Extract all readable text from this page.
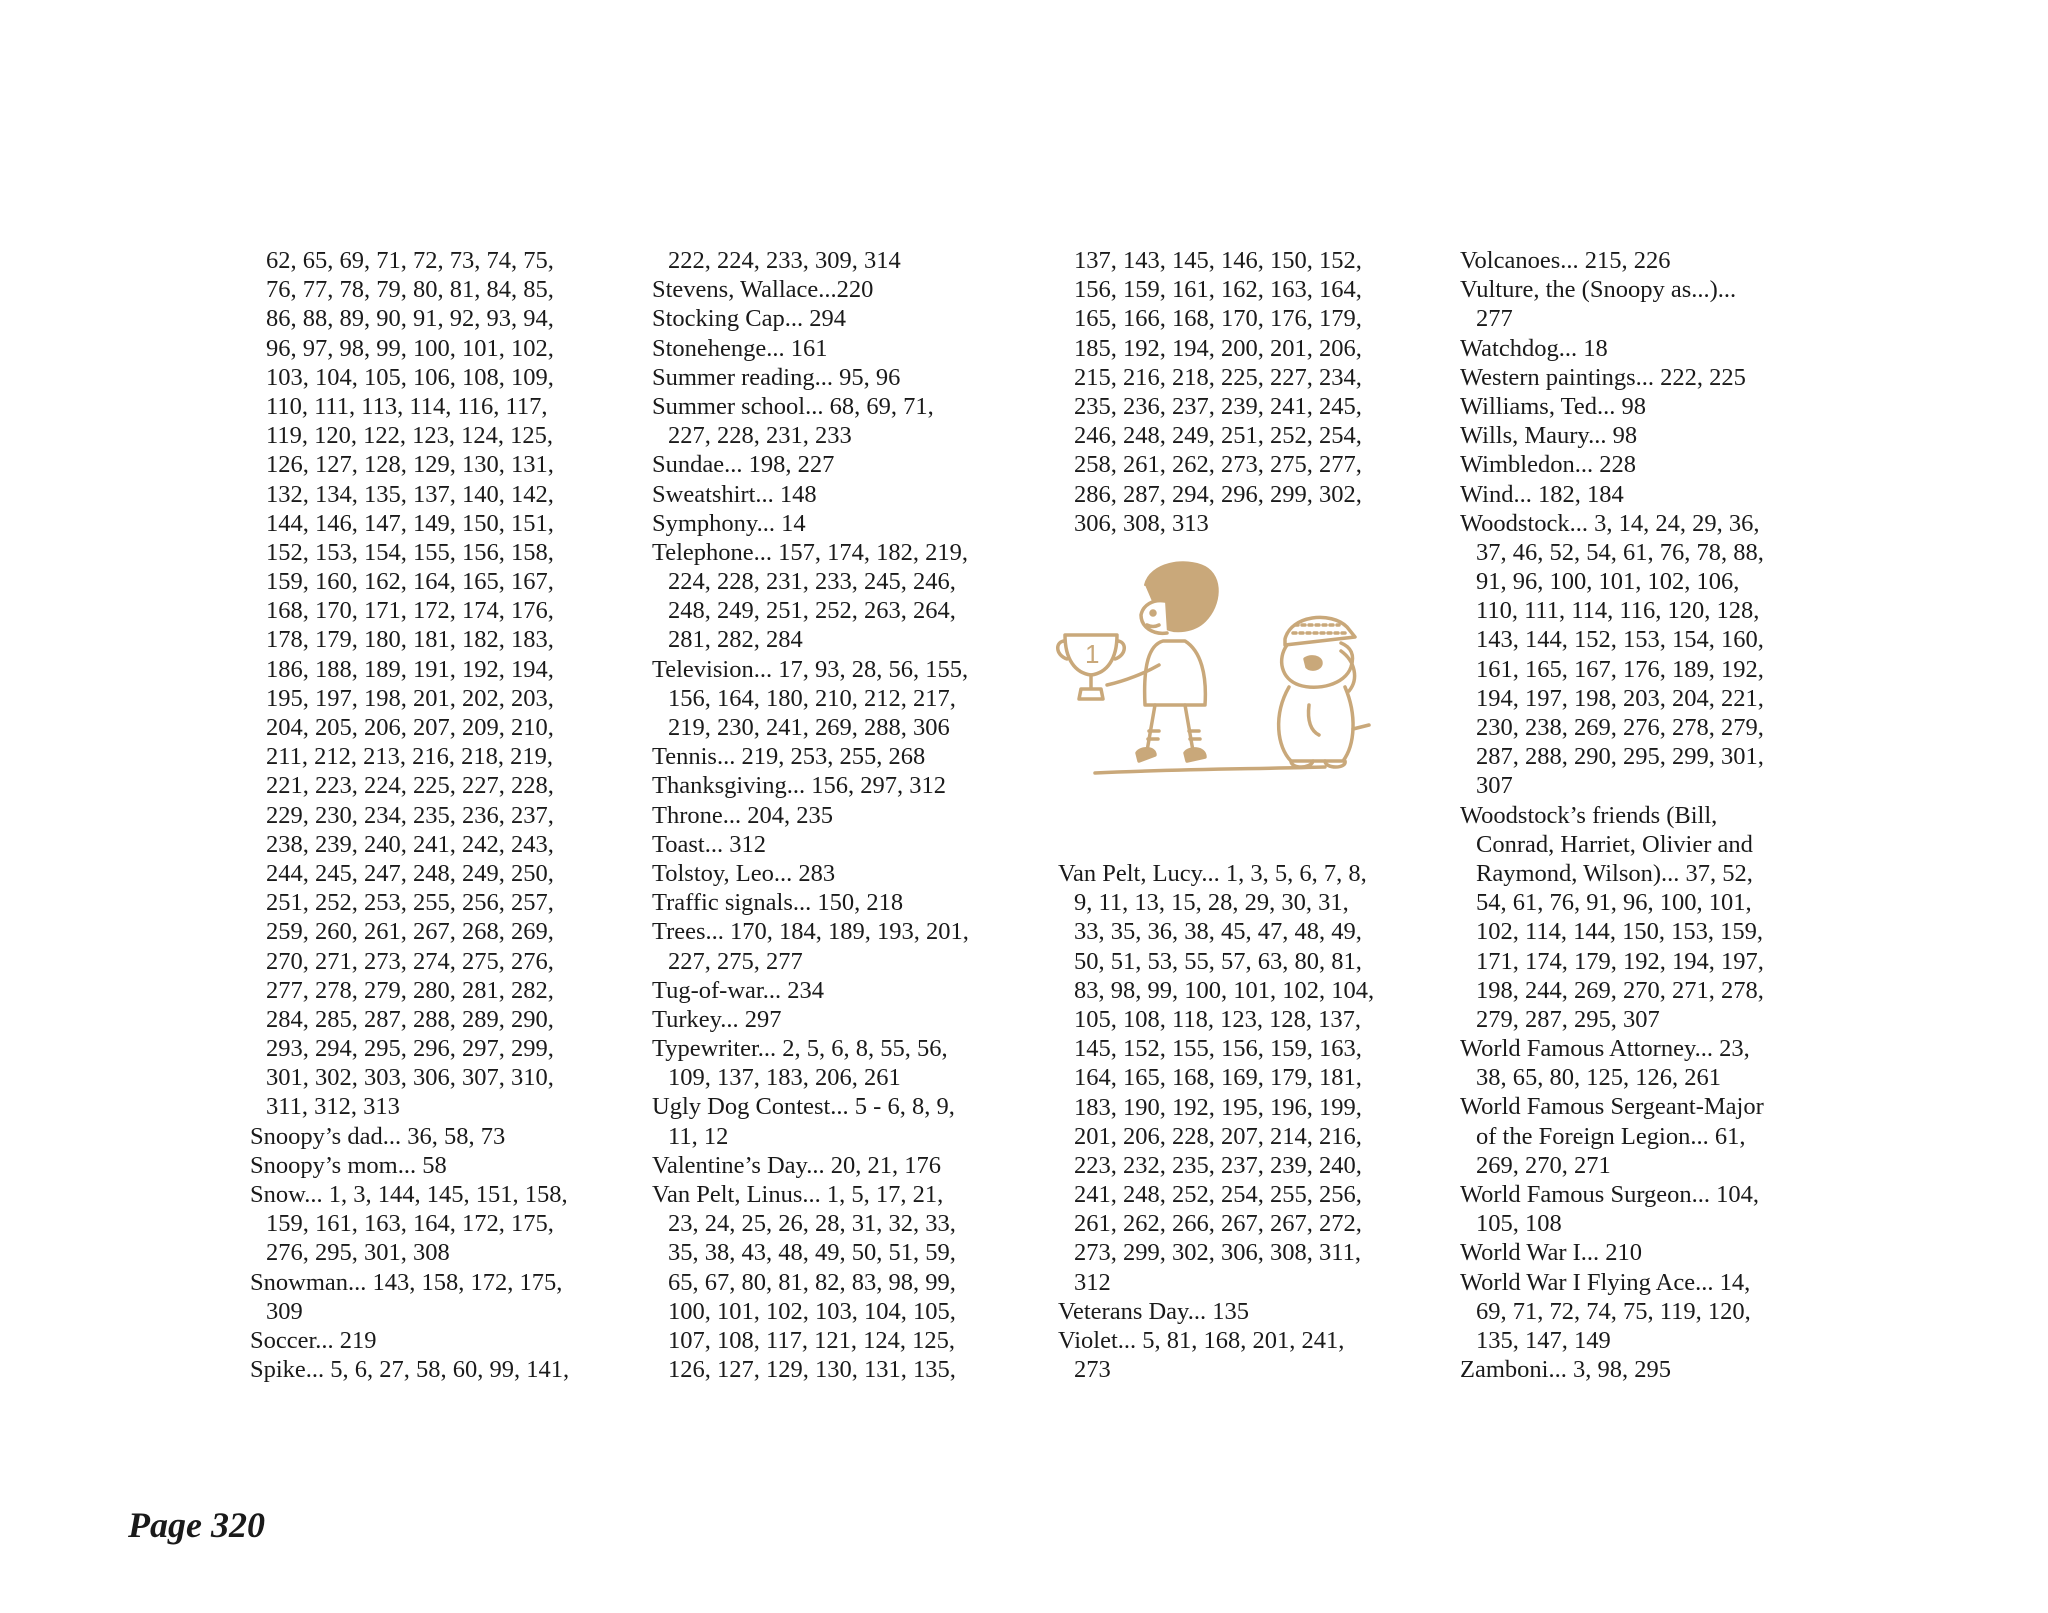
62, 65, 69, 71, 72, 73, 74, 75,
76, 77, 78, 79, 80, 81, 84, 85,
86, 88, 89, 90, 91, 92, 93, 94,
96, 97, 98, 99, 100, 101, 102,
103, 104, 105, 106, 108, 109,
110, 111, 113, 114, 116, 117,
119, 120, 122, 123, 124, 125,
126, 127, 128, 129, 130, 131,
132, 134, 135, 137, 140, 142,
144, 146, 147, 149, 150, 151,
152, 153, 154, 155, 156, 158,
159, 160, 162, 164, 165, 167,
168, 170, 171, 172, 174, 176,
178, 179, 180, 181, 182, 183,
186, 188, 189, 191, 192, 194,
195, 197, 198, 201, 202, 203,
204, 205, 206, 207, 209, 210,
211, 212, 213, 216, 218, 219,
221, 223, 224, 225, 227, 228,
229, 230, 234, 235, 236, 237,
238, 239, 240, 241, 242, 243,
244, 245, 247, 248, 249, 250,
251, 252, 253, 255, 256, 257,
259, 260, 261, 267, 268, 269,
270, 271, 273, 274, 275, 276,
277, 278, 279, 280, 281, 282,
284, 285, 287, 288, 289, 290,
293, 294, 295, 296, 297, 299,
301, 302, 303, 306, 307, 310,
311, 312, 313
Snoopy’s dad... 36, 58, 73
Snoopy’s mom... 58
Snow... 1, 3, 144, 145, 151, 158,
159, 161, 163, 164, 172, 175,
276, 295, 301, 308
Snowman... 143, 158, 172, 175,
309
Soccer... 219
Spike... 5, 6, 27, 58, 60, 99, 141,
222, 224, 233, 309, 314
Stevens, Wallace...220
Stocking Cap... 294
Stonehenge... 161
Summer reading... 95, 96
Summer school... 68, 69, 71,
227, 228, 231, 233
Sundae... 198, 227
Sweatshirt... 148
Symphony... 14
Telephone... 157, 174, 182, 219,
224, 228, 231, 233, 245, 246,
248, 249, 251, 252, 263, 264,
281, 282, 284
Television... 17, 93, 28, 56, 155,
156, 164, 180, 210, 212, 217,
219, 230, 241, 269, 288, 306
Tennis... 219, 253, 255, 268
Thanksgiving... 156, 297, 312
Throne... 204, 235
Toast... 312
Tolstoy, Leo... 283
Traffic signals... 150, 218
Trees... 170, 184, 189, 193, 201,
227, 275, 277
Tug-of-war... 234
Turkey... 297
Typewriter... 2, 5, 6, 8, 55, 56,
109, 137, 183, 206, 261
Ugly Dog Contest... 5 - 6, 8, 9,
11, 12
Valentine’s Day... 20, 21, 176
Van Pelt, Linus... 1, 5, 17, 21,
23, 24, 25, 26, 28, 31, 32, 33,
35, 38, 43, 48, 49, 50, 51, 59,
65, 67, 80, 81, 82, 83, 98, 99,
100, 101, 102, 103, 104, 105,
107, 108, 117, 121, 124, 125,
126, 127, 129, 130, 131, 135,
137, 143, 145, 146, 150, 152,
156, 159, 161, 162, 163, 164,
165, 166, 168, 170, 176, 179,
185, 192, 194, 200, 201, 206,
215, 216, 218, 225, 227, 234,
235, 236, 237, 239, 241, 245,
246, 248, 249, 251, 252, 254,
258, 261, 262, 273, 275, 277,
286, 287, 294, 296, 299, 302,
306, 308, 313
Van Pelt, Lucy... 1, 3, 5, 6, 7, 8,
9, 11, 13, 15, 28, 29, 30, 31,
33, 35, 36, 38, 45, 47, 48, 49,
50, 51, 53, 55, 57, 63, 80, 81,
83, 98, 99, 100, 101, 102, 104,
105, 108, 118, 123, 128, 137,
145, 152, 155, 156, 159, 163,
164, 165, 168, 169, 179, 181,
183, 190, 192, 195, 196, 199,
201, 206, 228, 207, 214, 216,
223, 232, 235, 237, 239, 240,
241, 248, 252, 254, 255, 256,
261, 262, 266, 267, 267, 272,
273, 299, 302, 306, 308, 311,
312
Veterans Day... 135
Violet... 5, 81, 168, 201, 241,
273
Volcanoes... 215, 226
Vulture, the (Snoopy as...)...
277
Watchdog... 18
Western paintings... 222, 225
Williams, Ted... 98
Wills, Maury... 98
Wimbledon... 228
Wind... 182, 184
Woodstock... 3, 14, 24, 29, 36,
37, 46, 52, 54, 61, 76, 78, 88,
91, 96, 100, 101, 102, 106,
110, 111, 114, 116, 120, 128,
143, 144, 152, 153, 154, 160,
161, 165, 167, 176, 189, 192,
194, 197, 198, 203, 204, 221,
230, 238, 269, 276, 278, 279,
287, 288, 290, 295, 299, 301,
307
Woodstock’s friends (Bill,
Conrad, Harriet, Olivier and
Raymond, Wilson)... 37, 52,
54, 61, 76, 91, 96, 100, 101,
102, 114, 144, 150, 153, 159,
171, 174, 179, 192, 194, 197,
198, 244, 269, 270, 271, 278,
279, 287, 295, 307
World Famous Attorney... 23,
38, 65, 80, 125, 126, 261
World Famous Sergeant-Major
of the Foreign Legion... 61,
269, 270, 271
World Famous Surgeon... 104,
105, 108
World War I... 210
World War I Flying Ace... 14,
69, 71, 72, 74, 75, 119, 120,
135, 147, 149
Zamboni... 3, 98, 295
1
Page 320
